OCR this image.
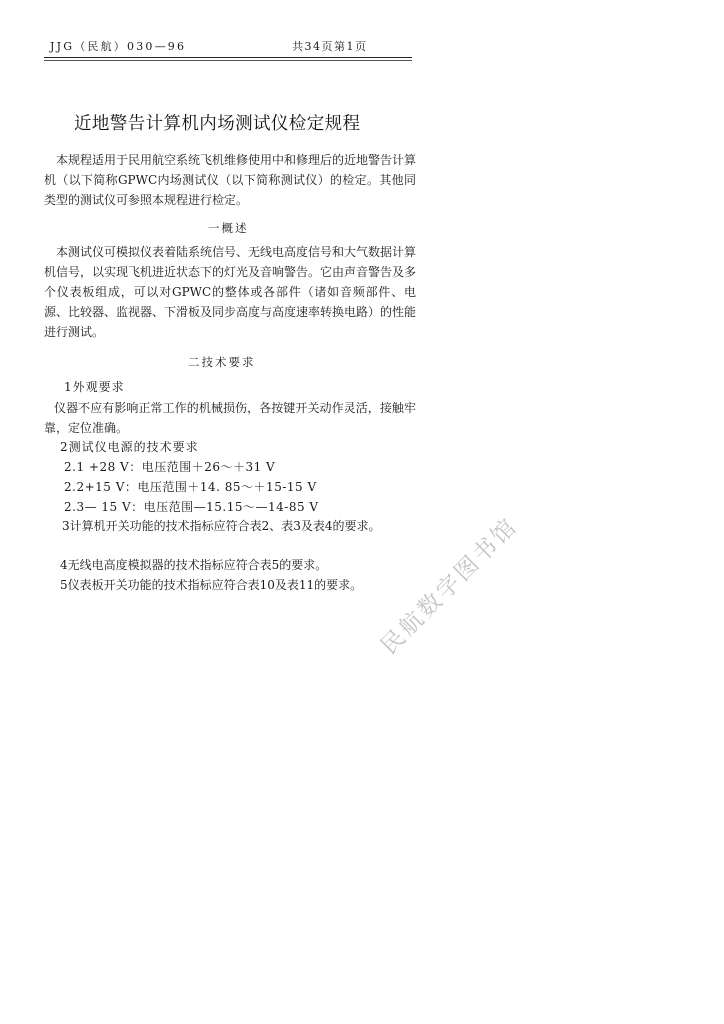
JJG（民航）030—96	共34页第1页
近地警告计算机内场测试仪检定规程

本规程适用于民用航空系统飞机维修使用中和修理后的近地警告计算机（以下简称GPWC内场测试仪（以下简称测试仪）的检定。其他同类型的测试仪可参照本规程进行检定。

一概述

本测试仪可模拟仪表着陆系统信号、无线电高度信号和大气数据计算机信号，以实现飞机进近状态下的灯光及音响警告。它由声音警告及多个仪表板组成，可以对GPWC的整体或各部件（诸如音频部件、电源、比较器、监视器、下滑板及同步高度与高度速率转换电路）的性能进行测试。

二技术要求
1外观要求

仪器不应有影响正常工作的机械损伤，各按键开关动作灵活，接触牢靠，定位准确。

2测试仪电源的技术要求
2.1 +28 V：电压范围＋26～＋31 V
2.2+15 V：电压范围＋14. 85～＋15-15 V
2.3— 15 V：电压范围—15.15～—14-85 V

3计算机开关功能的技术指标应符合表2、表3及表4的要求。

4无线电高度模拟器的技术指标应符合表5的要求。
5仪表板开关功能的技术指标应符合表10及表11的要求。 民航数字图书馆
